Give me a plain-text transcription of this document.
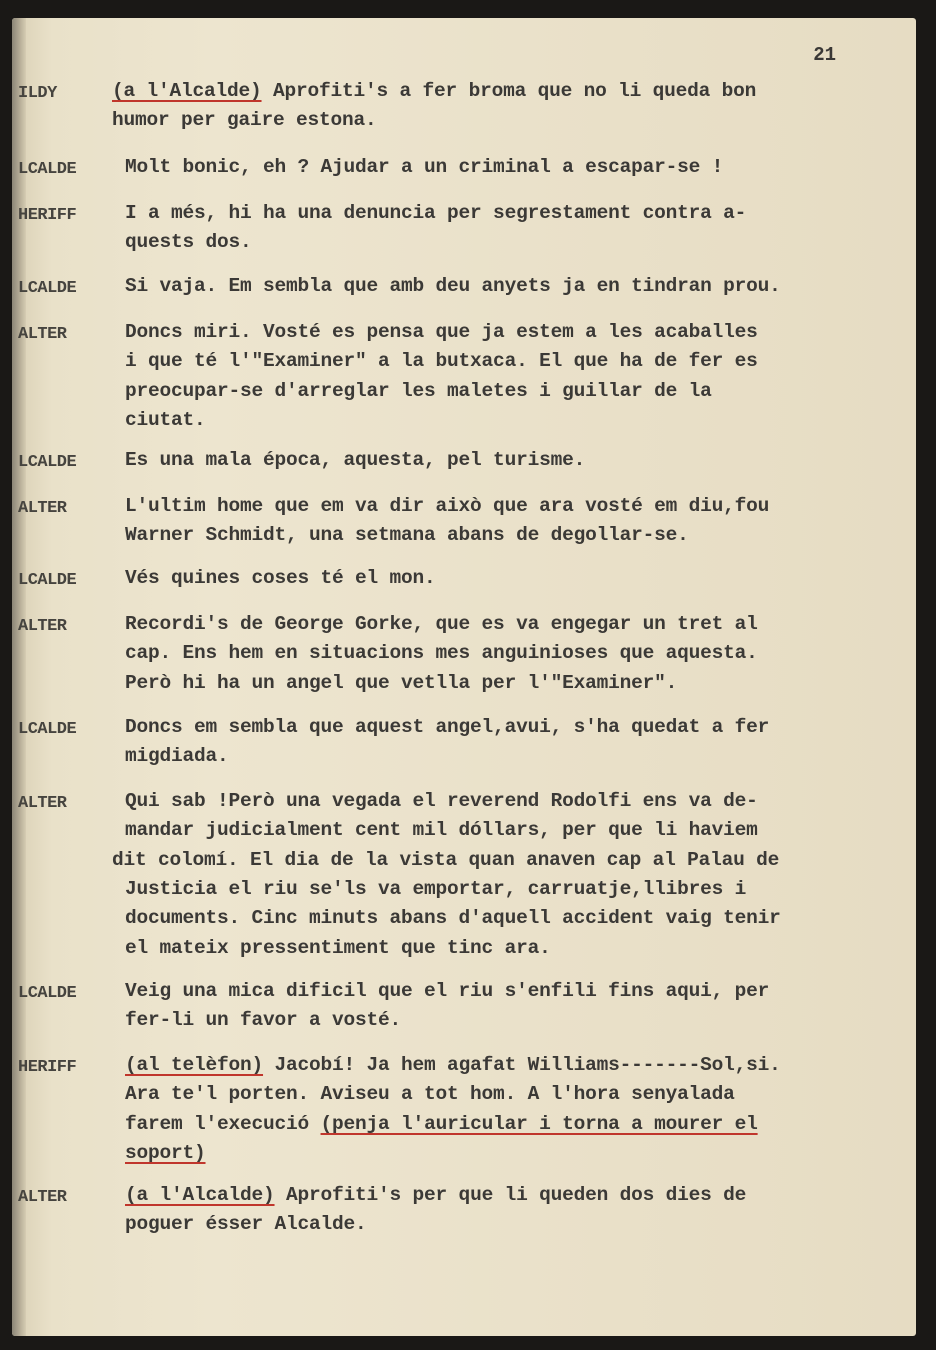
21
ILDY	(a l'Alcalde) Aprofiti's a fer broma que no li queda bon
humor per gaire estona.
LCALDE	Molt bonic, eh ? Ajudar a un criminal a escapar-se !
HERIFF	I a més, hi ha una denuncia per segrestament contra a-
quests dos.
LCALDE	Si vaja. Em sembla que amb deu anyets ja en tindran prou.
ALTER	Doncs miri. Vosté es pensa que ja estem a les acaballes
i que té l'"Examiner" a la butxaca. El que ha de fer es
preocupar-se d'arreglar les maletes i guillar de la
ciutat.
LCALDE	Es una mala época, aquesta, pel turisme.
ALTER	L'ultim home que em va dir això que ara vosté em diu,fou
Warner Schmidt, una setmana abans de degollar-se.
LCALDE	Vés quines coses té el mon.
ALTER	Recordi's de George Gorke, que es va engegar un tret al
cap. Ens hem en situacions mes anguinioses que aquesta.
Però hi ha un angel que vetlla per l'"Examiner".
LCALDE	Doncs em sembla que aquest angel,avui, s'ha quedat a fer
migdiada.
ALTER	Qui sab !Però una vegada el reverend Rodolfi ens va de-
mandar judicialment cent mil dóllars, per que li haviem
dit colomí. El dia de la vista quan anaven cap al Palau de
Justicia el riu se'ls va emportar, carruatje,llibres i
documents. Cinc minuts abans d'aquell accident vaig tenir
el mateix pressentiment que tinc ara.
LCALDE	Veig una mica dificil que el riu s'enfili fins aqui, per
fer-li un favor a vosté.
HERIFF	(al telèfon) Jacobí! Ja hem agafat Williams-------Sol,si.
Ara te'l porten. Aviseu a tot hom. A l'hora senyalada
farem l'execució (penja l'auricular i torna a mourer el
soport)
ALTER	(a l'Alcalde) Aprofiti's per que li queden dos dies de
poguer ésser Alcalde.
